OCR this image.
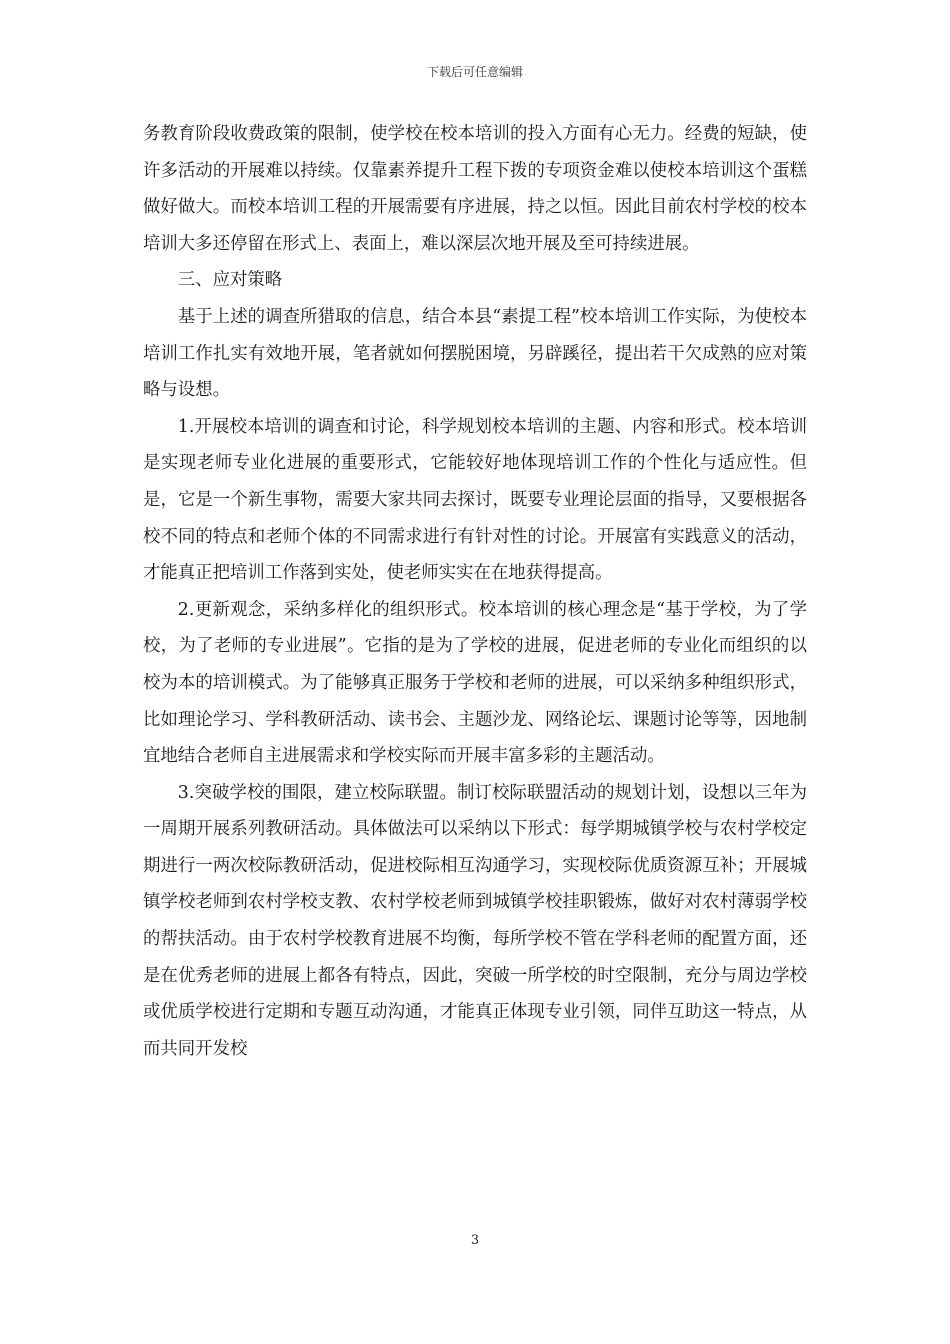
下载后可任意编辑

务教育阶段收费政策的限制，使学校在校本培训的投入方面有心无力。经费的短缺，使许多活动的开展难以持续。仅靠素养提升工程下拨的专项资金难以使校本培训这个蛋糕做好做大。而校本培训工程的开展需要有序进展，持之以恒。因此目前农村学校的校本培训大多还停留在形式上、表面上，难以深层次地开展及至可持续进展。

三、应对策略

基于上述的调查所猎取的信息，结合本县“素提工程”校本培训工作实际，为使校本培训工作扎实有效地开展，笔者就如何摆脱困境，另辟蹊径，提出若干欠成熟的应对策略与设想。

1.开展校本培训的调查和讨论，科学规划校本培训的主题、内容和形式。校本培训是实现老师专业化进展的重要形式，它能较好地体现培训工作的个性化与适应性。但是，它是一个新生事物，需要大家共同去探讨，既要专业理论层面的指导，又要根据各校不同的特点和老师个体的不同需求进行有针对性的讨论。开展富有实践意义的活动，才能真正把培训工作落到实处，使老师实实在在地获得提高。

2.更新观念，采纳多样化的组织形式。校本培训的核心理念是“基于学校，为了学校，为了老师的专业进展”。它指的是为了学校的进展，促进老师的专业化而组织的以校为本的培训模式。为了能够真正服务于学校和老师的进展，可以采纳多种组织形式，比如理论学习、学科教研活动、读书会、主题沙龙、网络论坛、课题讨论等等，因地制宜地结合老师自主进展需求和学校实际而开展丰富多彩的主题活动。

3.突破学校的围限，建立校际联盟。制订校际联盟活动的规划计划，设想以三年为一周期开展系列教研活动。具体做法可以采纳以下形式：每学期城镇学校与农村学校定期进行一两次校际教研活动，促进校际相互沟通学习，实现校际优质资源互补；开展城镇学校老师到农村学校支教、农村学校老师到城镇学校挂职锻炼，做好对农村薄弱学校的帮扶活动。由于农村学校教育进展不均衡，每所学校不管在学科老师的配置方面，还是在优秀老师的进展上都各有特点，因此，突破一所学校的时空限制，充分与周边学校或优质学校进行定期和专题互动沟通，才能真正体现专业引领，同伴互助这一特点，从而共同开发校

3
